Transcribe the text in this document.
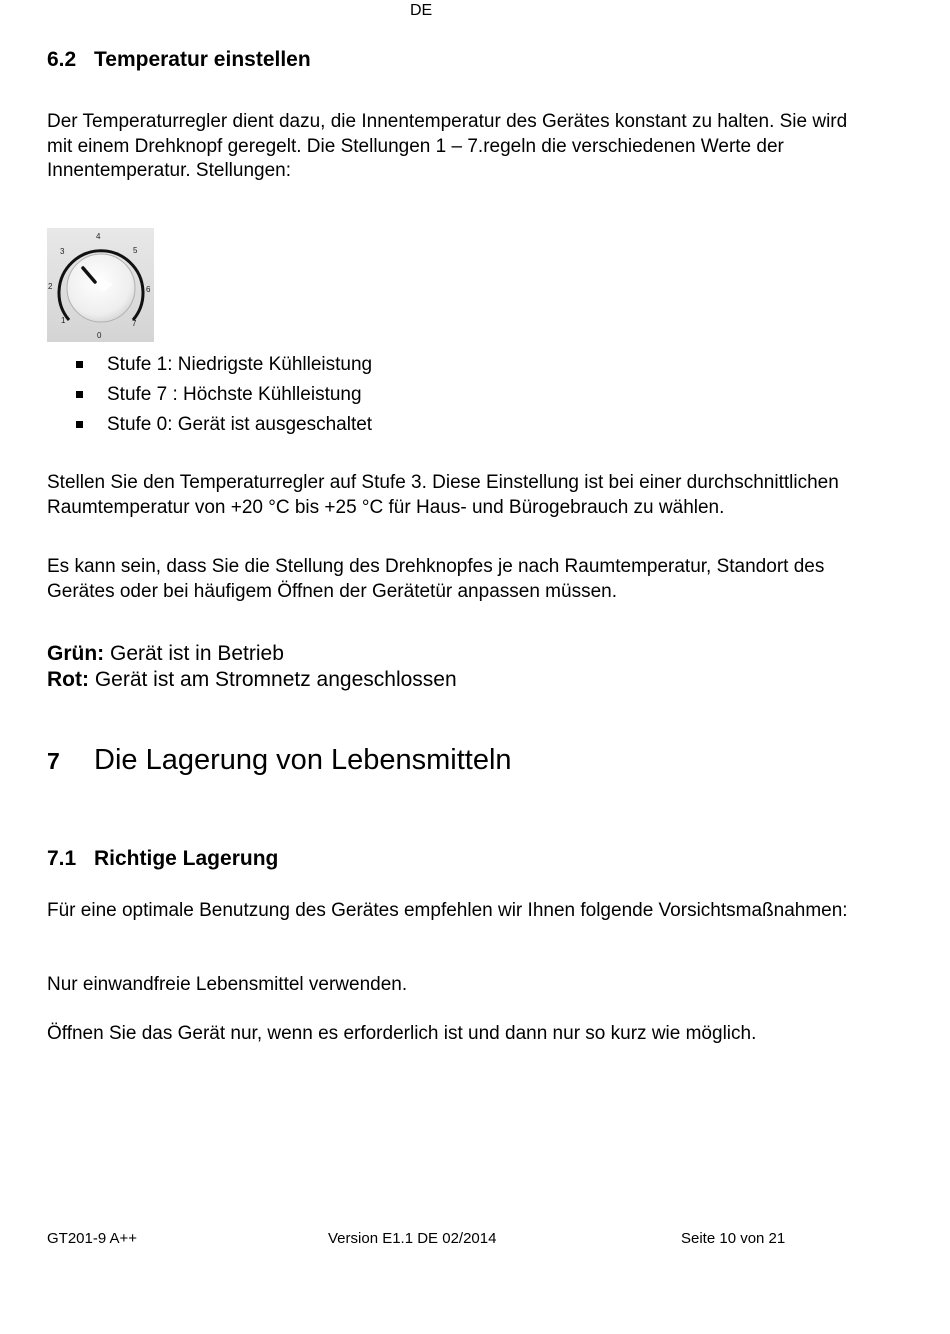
DE
6.2 Temperatur einstellen
Der Temperaturregler dient dazu, die Innentemperatur des Gerätes konstant zu halten. Sie wird mit einem Drehknopf geregelt. Die Stellungen 1 – 7.regeln die verschiedenen Werte der Innentemperatur. Stellungen:
0
1
2
3
4
5
6
7
Stufe 1: Niedrigste Kühlleistung
Stufe 7 : Höchste Kühlleistung
Stufe 0: Gerät ist ausgeschaltet
Stellen Sie den Temperaturregler auf Stufe 3. Diese Einstellung ist bei einer durchschnittlichen Raumtemperatur von +20 °C bis +25 °C für Haus- und Bürogebrauch zu wählen.
Es kann sein, dass Sie die Stellung des Drehknopfes je nach Raumtemperatur, Standort des Gerätes oder bei häufigem Öffnen der Gerätetür anpassen müssen.
Grün: Gerät ist in Betrieb
Rot: Gerät ist am Stromnetz angeschlossen
7 Die Lagerung von Lebensmitteln
7.1 Richtige Lagerung
Für eine optimale Benutzung des Gerätes empfehlen wir Ihnen folgende Vorsichtsmaßnahmen:
Nur einwandfreie Lebensmittel verwenden.
Öffnen Sie das Gerät nur, wenn es erforderlich ist und dann nur so kurz wie möglich.
GT201-9 A++	Version E1.1 DE 02/2014	Seite 10 von 21
